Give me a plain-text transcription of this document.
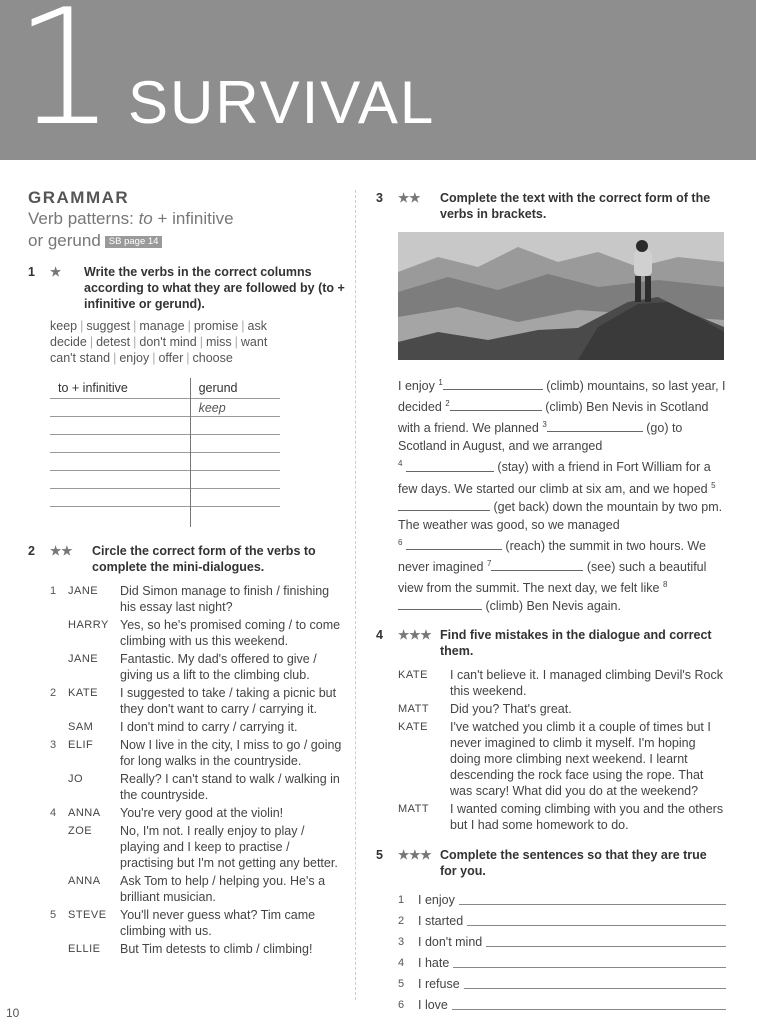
1 SURVIVAL
GRAMMAR
Verb patterns: to + infinitive
or gerund SB page 14
1	★	Write the verbs in the correct columns according to what they are followed by (to + infinitive or gerund).
keep | suggest | manage | promise | ask
decide | detest | don't mind | miss | want
can't stand | enjoy | offer | choose
to + infinitive	gerund
	keep

2	★★	Circle the correct form of the verbs to complete the mini-dialogues.
1	JANE	Did Simon manage to finish / finishing his essay last night?
HARRY Yes, so he's promised coming / to come climbing with us this weekend.
JANE	Fantastic. My dad's offered to give / giving us a lift to the climbing club.
2	KATE	I suggested to take / taking a picnic but they don't want to carry / carrying it.
SAM	I don't mind to carry / carrying it.
3	ELIF	Now I live in the city, I miss to go / going for long walks in the countryside.
JO	Really? I can't stand to walk / walking in the countryside.
4	ANNA	You're very good at the violin!
ZOE	No, I'm not. I really enjoy to play / playing and I keep to practise / practising but I'm not getting any better.
ANNA	Ask Tom to help / helping you. He's a brilliant musician.
5	STEVE	You'll never guess what? Tim came climbing with us.
ELLIE	But Tim detests to climb / climbing!
3	★★	Complete the text with the correct form of the verbs in brackets.
I enjoy $^1$	(climb) mountains, so last year, I decided $^2$	(climb) Ben Nevis in Scotland with a friend. We planned $^3$	(go) to Scotland in August, and we arranged
$^4$	(stay) with a friend in Fort William for a few days. We started our climb at six am, and we hoped $^5$ (get back) down the mountain by two pm. The weather was good, so we managed
$^6$	(reach) the summit in two hours. We never imagined $^7$	(see) such a beautiful view from the summit. The next day, we felt like $^8$ (climb) Ben Nevis again.
4	★★★ Find five mistakes in the dialogue and correct them.
KATE	I can't believe it. I managed climbing Devil's Rock this weekend.
MATT	Did you? That's great.
KATE	I've watched you climb it a couple of times but I never imagined to climb it myself. I'm hoping doing more climbing next weekend. I learnt descending the rock face using the rope. That was scary! What did you do at the weekend?
MATT	I wanted coming climbing with you and the others but I had some homework to do.
5	★★★ Complete the sentences so that they are true for you.
1	I enjoy
2	I started
3	I don't mind
4	I hate
5	I refuse
6	I love
10
